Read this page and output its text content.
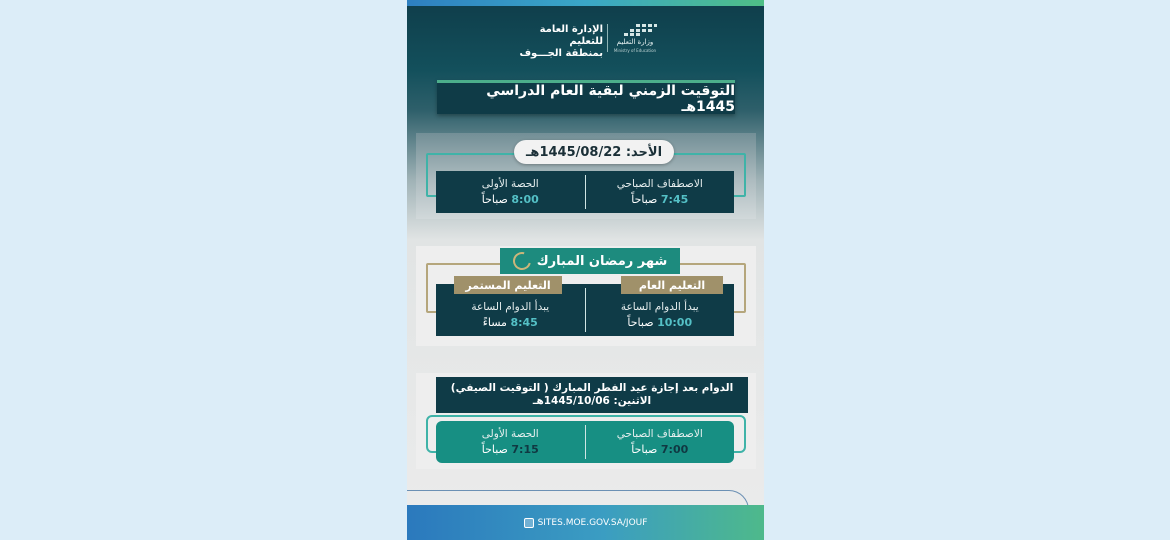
وزارة التعليم
Ministry of Education
الإدارة العامة للتعليم
بمنطقة الجـــوف
التوقيت الزمني لبقية العام الدراسي 1445هـ
الأحد: 1445/08/22هـ
الاصطفاف الصباحي
7:45 صباحاً
الحصة الأولى
8:00 صباحاً
شهر رمضان المبارك
يبدأ الدوام الساعة
10:00 صباحاً
يبدأ الدوام الساعة
8:45 مساءً
التعليم العام
التعليم المستمر
الدوام بعد إجازة عيد الفطر المبارك ( التوقيت الصيفي)
الاثنين: 1445/10/06هـ
الاصطفاف الصباحي
7:00 صباحاً
الحصة الأولى
7:15 صباحاً
SITES.MOE.GOV.SA/JOUF
